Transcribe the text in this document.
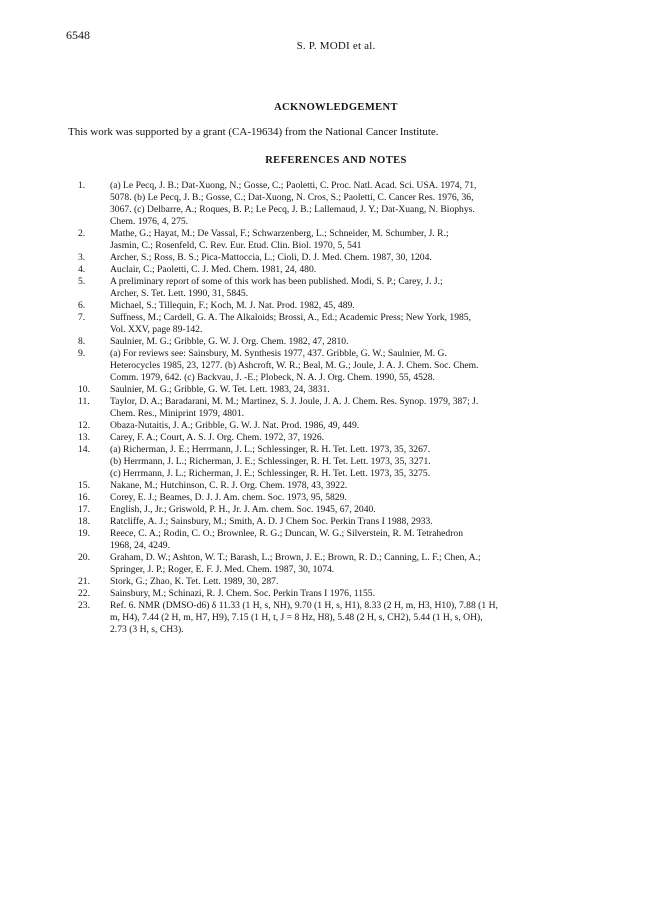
6548
S. P. MODI et al.
ACKNOWLEDGEMENT
This work was supported by a grant (CA-19634) from the National Cancer Institute.
REFERENCES AND NOTES
1.	(a) Le Pecq, J. B.; Dat-Xuong, N.; Gosse, C.; Paoletti, C. Proc. Natl. Acad. Sci. USA. 1974, 71,
5078. (b) Le Pecq, J. B.; Gosse, C.; Dat-Xuong, N. Cros, S.; Paoletti, C. Cancer Res. 1976, 36,
3067. (c) Delbarre, A.; Roques, B. P.; Le Pecq, J. B.; Lallemaud, J. Y.; Dat-Xuang, N. Biophys.
Chem. 1976, 4, 275.
2.	Mathe, G.; Hayat, M.; De Vassal, F.; Schwarzenberg, L.; Schneider, M. Schumber, J. R.;
Jasmin, C.; Rosenfeld, C. Rev. Eur. Etud. Clin. Biol. 1970, 5, 541
3.	Archer, S.; Ross, B. S.; Pica-Mattoccia, L.; Cioli, D. J. Med. Chem. 1987, 30, 1204.
4.	Auclair, C.; Paoletti, C. J. Med. Chem. 1981, 24, 480.
5.	A preliminary report of some of this work has been published. Modi, S. P.; Carey, J. J.;
Archer, S. Tet. Lett. 1990, 31, 5845.
6.	Michael, S.; Tillequin, F.; Koch, M. J. Nat. Prod. 1982, 45, 489.
7.	Suffness, M.; Cardell, G. A. The Alkaloids; Brossi, A., Ed.; Academic Press; New York, 1985,
Vol. XXV, page 89-142.
8.	Saulnier, M. G.; Gribble, G. W. J. Org. Chem. 1982, 47, 2810.
9.	(a) For reviews see: Sainsbury, M. Synthesis 1977, 437. Gribble, G. W.; Saulnier, M. G.
Heterocycles 1985, 23, 1277. (b) Ashcroft, W. R.; Beal, M. G.; Joule, J. A. J. Chem. Soc. Chem.
Comm. 1979, 642. (c) Backvau, J. -E.; Plobeck, N. A. J. Org. Chem. 1990, 55, 4528.
10.	Saulnier, M. G.; Gribble, G. W. Tet. Lett. 1983, 24, 3831.
11.	Taylor, D. A.; Baradarani, M. M.; Martinez, S. J. Joule, J. A. J. Chem. Res. Synop. 1979, 387; J.
Chem. Res., Miniprint 1979, 4801.
12.	Obaza-Nutaitis, J. A.; Gribble, G. W. J. Nat. Prod. 1986, 49, 449.
13.	Carey, F. A.; Court, A. S. J. Org. Chem. 1972, 37, 1926.
14.	(a) Richerman, J. E.; Herrmann, J. L.; Schlessinger, R. H. Tet. Lett. 1973, 35, 3267.
(b) Herrmann, J. L.; Richerman, J. E.; Schlessinger, R. H. Tet. Lett. 1973, 35, 3271.
(c) Herrmann, J. L.; Richerman, J. E.; Schlessinger, R. H. Tet. Lett. 1973, 35, 3275.
15.	Nakane, M.; Hutchinson, C. R. J. Org. Chem. 1978, 43, 3922.
16.	Corey, E. J.; Beames, D. J. J. Am. chem. Soc. 1973, 95, 5829.
17.	English, J., Jr.; Griswold, P. H., Jr. J. Am. chem. Soc. 1945, 67, 2040.
18.	Ratcliffe, A. J.; Sainsbury, M.; Smith, A. D. J Chem Soc. Perkin Trans I 1988, 2933.
19.	Reece, C. A.; Rodin, C. O.; Brownlee, R. G.; Duncan, W. G.; Silverstein, R. M. Tetrahedron
1968, 24, 4249.
20.	Graham, D. W.; Ashton, W. T.; Barash, L.; Brown, J. E.; Brown, R. D.; Canning, L. F.; Chen, A.;
Springer, J. P.; Roger, E. F. J. Med. Chem. 1987, 30, 1074.
21.	Stork, G.; Zhao, K. Tet. Lett. 1989, 30, 287.
22.	Sainsbury, M.; Schinazi, R. J. Chem. Soc. Perkin Trans I 1976, 1155.
23.	Ref. 6. NMR (DMSO-d6) δ 11.33 (1 H, s, NH), 9.70 (1 H, s, H1), 8.33 (2 H, m, H3, H10), 7.88 (1 H,
m, H4), 7.44 (2 H, m, H7, H9), 7.15 (1 H, t, J = 8 Hz, H8), 5.48 (2 H, s, CH2), 5.44 (1 H, s, OH),
2.73 (3 H, s, CH3).
